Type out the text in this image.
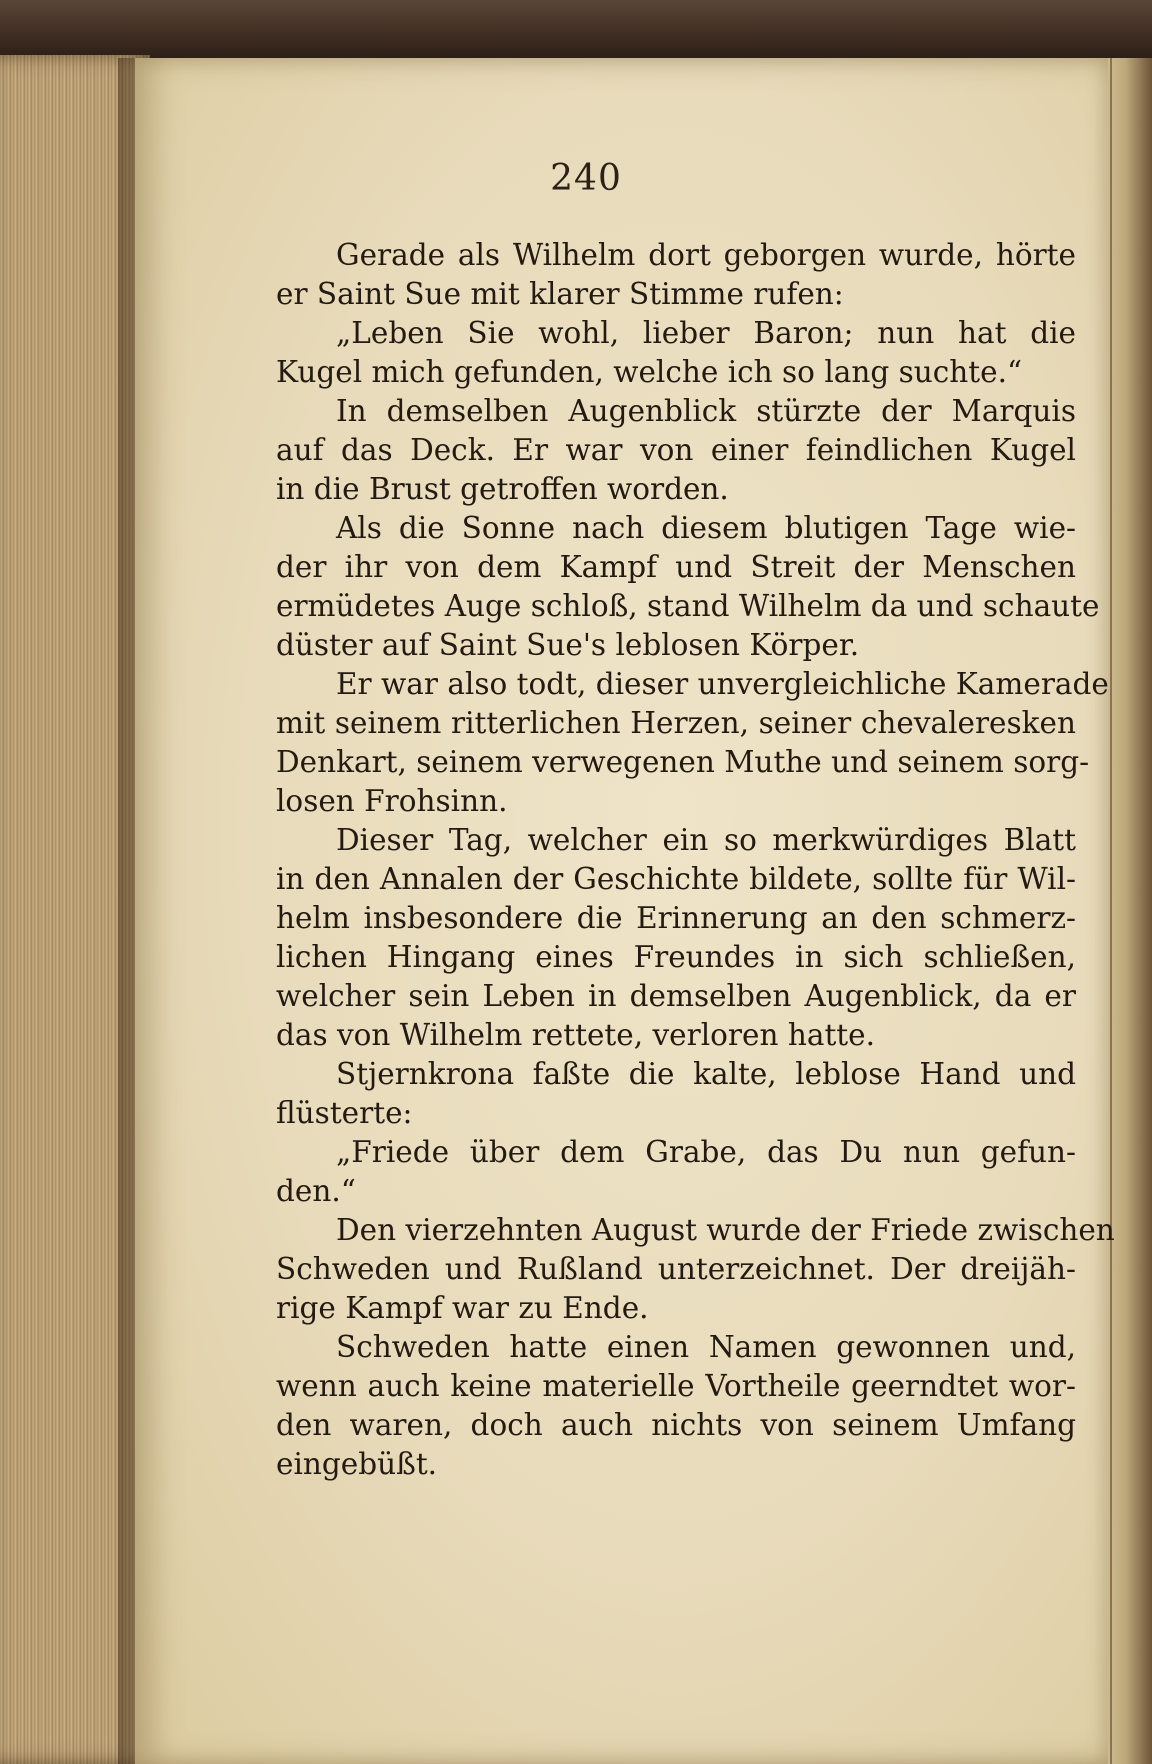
240
Gerade als Wilhelm dort geborgen wurde, hörte
er Saint Sue mit klarer Stimme rufen:
„Leben Sie wohl, lieber Baron; nun hat die
Kugel mich gefunden, welche ich so lang suchte.“
In demselben Augenblick stürzte der Marquis
auf das Deck. Er war von einer feindlichen Kugel
in die Brust getroffen worden.
Als die Sonne nach diesem blutigen Tage wie-
der ihr von dem Kampf und Streit der Menschen
ermüdetes Auge schloß, stand Wilhelm da und schaute
düster auf Saint Sue's leblosen Körper.
Er war also todt, dieser unvergleichliche Kamerade
mit seinem ritterlichen Herzen, seiner chevaleresken
Denkart, seinem verwegenen Muthe und seinem sorg-
losen Frohsinn.
Dieser Tag, welcher ein so merkwürdiges Blatt
in den Annalen der Geschichte bildete, sollte für Wil-
helm insbesondere die Erinnerung an den schmerz-
lichen Hingang eines Freundes in sich schließen,
welcher sein Leben in demselben Augenblick, da er
das von Wilhelm rettete, verloren hatte.
Stjernkrona faßte die kalte, leblose Hand und
flüsterte:
„Friede über dem Grabe, das Du nun gefun-
den.“
Den vierzehnten August wurde der Friede zwischen
Schweden und Rußland unterzeichnet. Der dreijäh-
rige Kampf war zu Ende.
Schweden hatte einen Namen gewonnen und,
wenn auch keine materielle Vortheile geerndtet wor-
den waren, doch auch nichts von seinem Umfang
eingebüßt.
